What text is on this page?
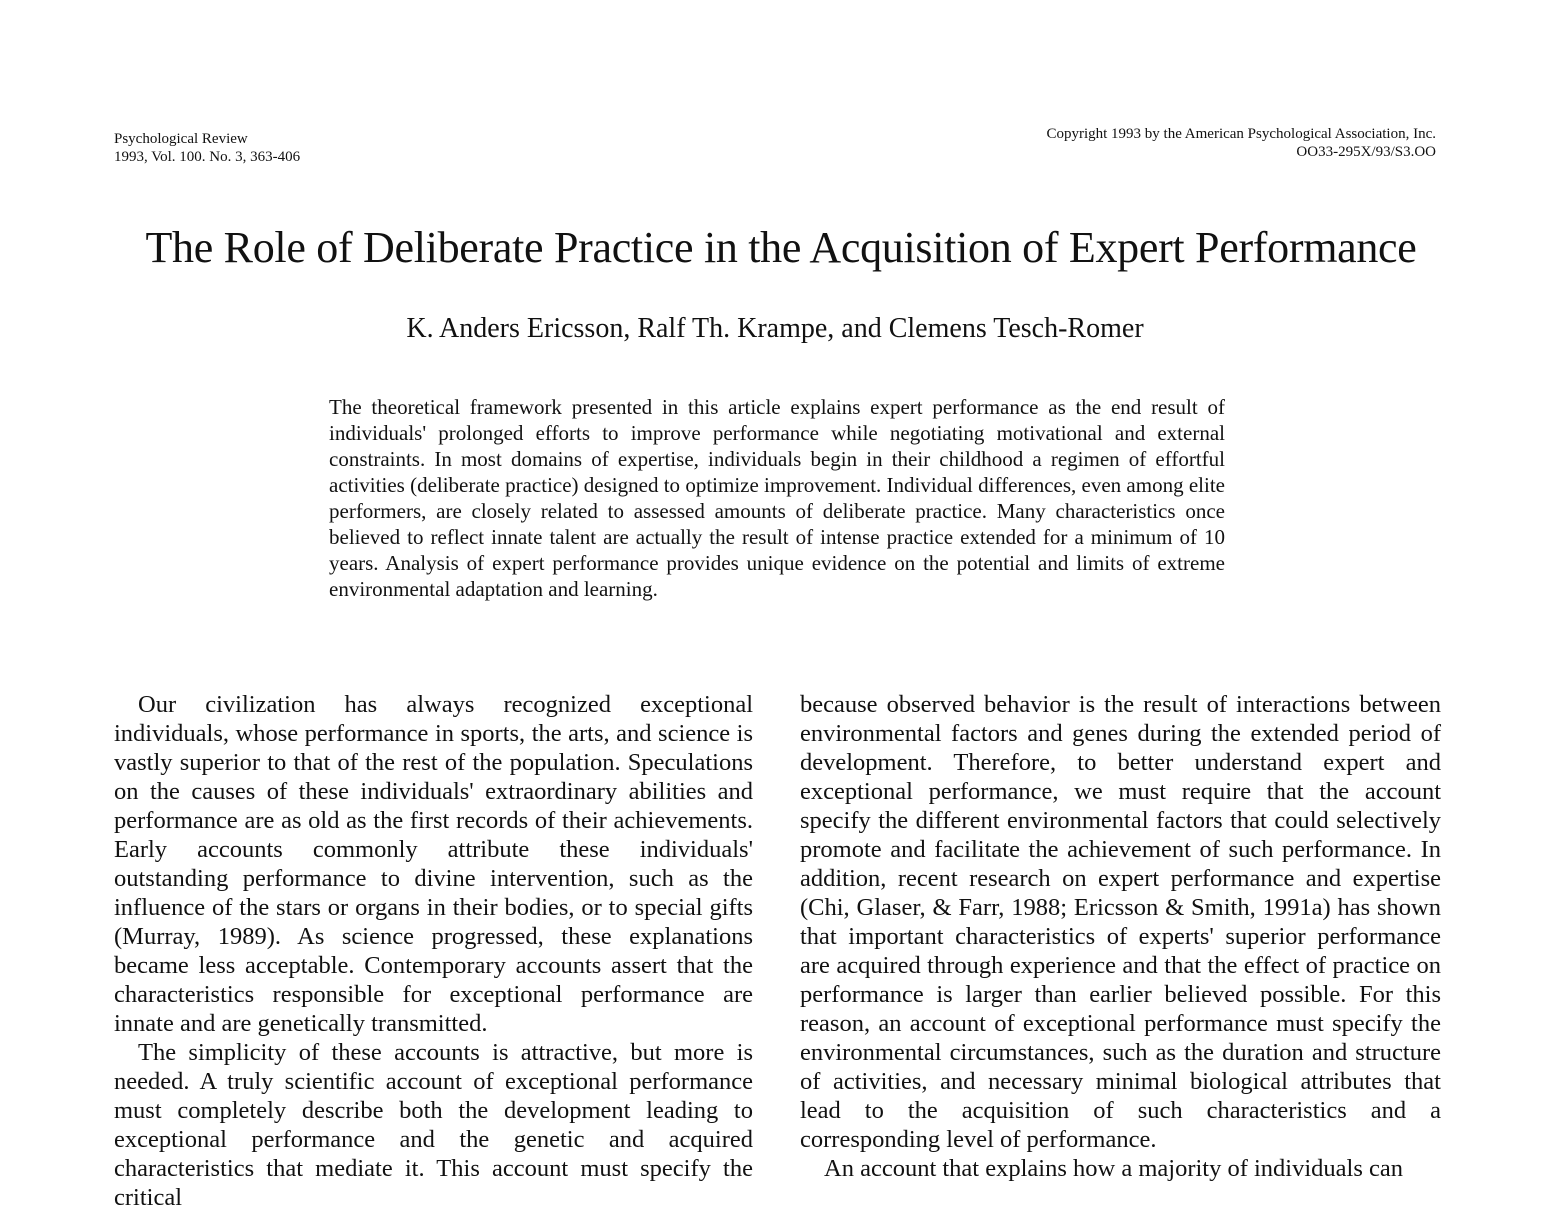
Psychological Review
1993, Vol. 100. No. 3, 363-406
Copyright 1993 by the American Psychological Association, Inc.
OO33-295X/93/S3.OO
The Role of Deliberate Practice in the Acquisition of Expert Performance
K. Anders Ericsson, Ralf Th. Krampe, and Clemens Tesch-Romer
The theoretical framework presented in this article explains expert performance as the end result of individuals' prolonged efforts to improve performance while negotiating motivational and external constraints. In most domains of expertise, individuals begin in their childhood a regimen of effortful activities (deliberate practice) designed to optimize improvement. Individual differences, even among elite performers, are closely related to assessed amounts of deliberate practice. Many characteristics once believed to reflect innate talent are actually the result of intense practice extended for a minimum of 10 years. Analysis of expert performance provides unique evidence on the potential and limits of extreme environmental adaptation and learning.

Our civilization has always recognized exceptional individuals, whose performance in sports, the arts, and science is vastly superior to that of the rest of the population. Speculations on the causes of these individuals' extraordinary abilities and performance are as old as the first records of their achievements. Early accounts commonly attribute these individuals' outstanding performance to divine intervention, such as the influence of the stars or organs in their bodies, or to special gifts (Murray, 1989). As science progressed, these explanations became less acceptable. Contemporary accounts assert that the characteristics responsible for exceptional performance are innate and are genetically transmitted.

The simplicity of these accounts is attractive, but more is needed. A truly scientific account of exceptional performance must completely describe both the development leading to exceptional performance and the genetic and acquired characteristics that mediate it. This account must specify the critical

because observed behavior is the result of interactions between environmental factors and genes during the extended period of development. Therefore, to better understand expert and exceptional performance, we must require that the account specify the different environmental factors that could selectively promote and facilitate the achievement of such performance. In addition, recent research on expert performance and expertise (Chi, Glaser, & Farr, 1988; Ericsson & Smith, 1991a) has shown that important characteristics of experts' superior performance are acquired through experience and that the effect of practice on performance is larger than earlier believed possible. For this reason, an account of exceptional performance must specify the environmental circumstances, such as the duration and structure of activities, and necessary minimal biological attributes that lead to the acquisition of such characteristics and a corresponding level of performance.

An account that explains how a majority of individuals can
